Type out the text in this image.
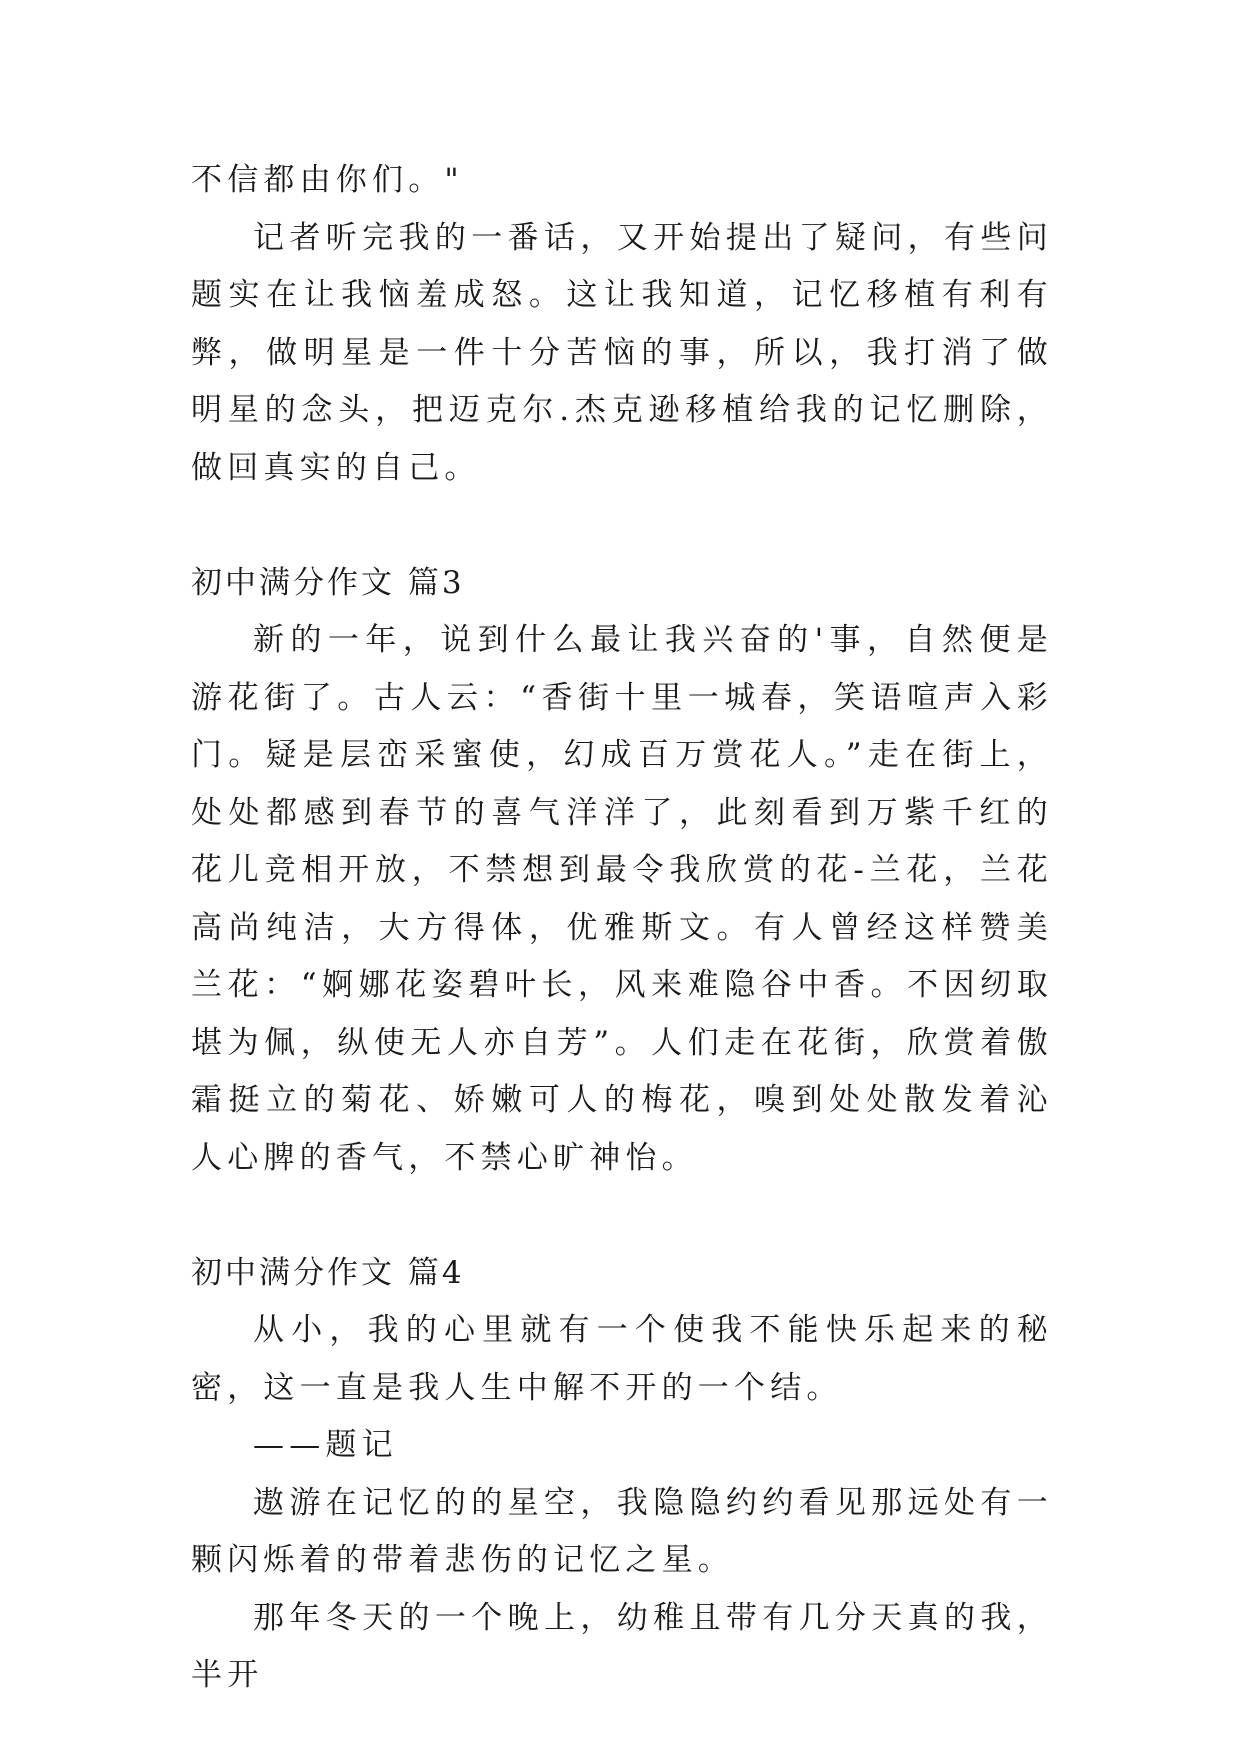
不信都由你们。"

记者听完我的一番话，又开始提出了疑问，有些问题实在让我恼羞成怒。这让我知道，记忆移植有利有弊，做明星是一件十分苦恼的事，所以，我打消了做明星的念头，把迈克尔.杰克逊移植给我的记忆删除，做回真实的自己。

初中满分作文 篇3

新的一年，说到什么最让我兴奋的'事，自然便是游花街了。古人云：“香街十里一城春，笑语喧声入彩门。疑是层峦采蜜使，幻成百万赏花人。”走在街上，处处都感到春节的喜气洋洋了，此刻看到万紫千红的花儿竞相开放，不禁想到最令我欣赏的花-兰花，兰花高尚纯洁，大方得体，优雅斯文。有人曾经这样赞美兰花：“婀娜花姿碧叶长，风来难隐谷中香。不因纫取堪为佩，纵使无人亦自芳”。人们走在花街，欣赏着傲霜挺立的菊花、娇嫩可人的梅花，嗅到处处散发着沁人心脾的香气，不禁心旷神怡。

初中满分作文 篇4

从小，我的心里就有一个使我不能快乐起来的秘密，这一直是我人生中解不开的一个结。

——题记

遨游在记忆的的星空，我隐隐约约看见那远处有一颗闪烁着的带着悲伤的记忆之星。

那年冬天的一个晚上，幼稚且带有几分天真的我，半开
